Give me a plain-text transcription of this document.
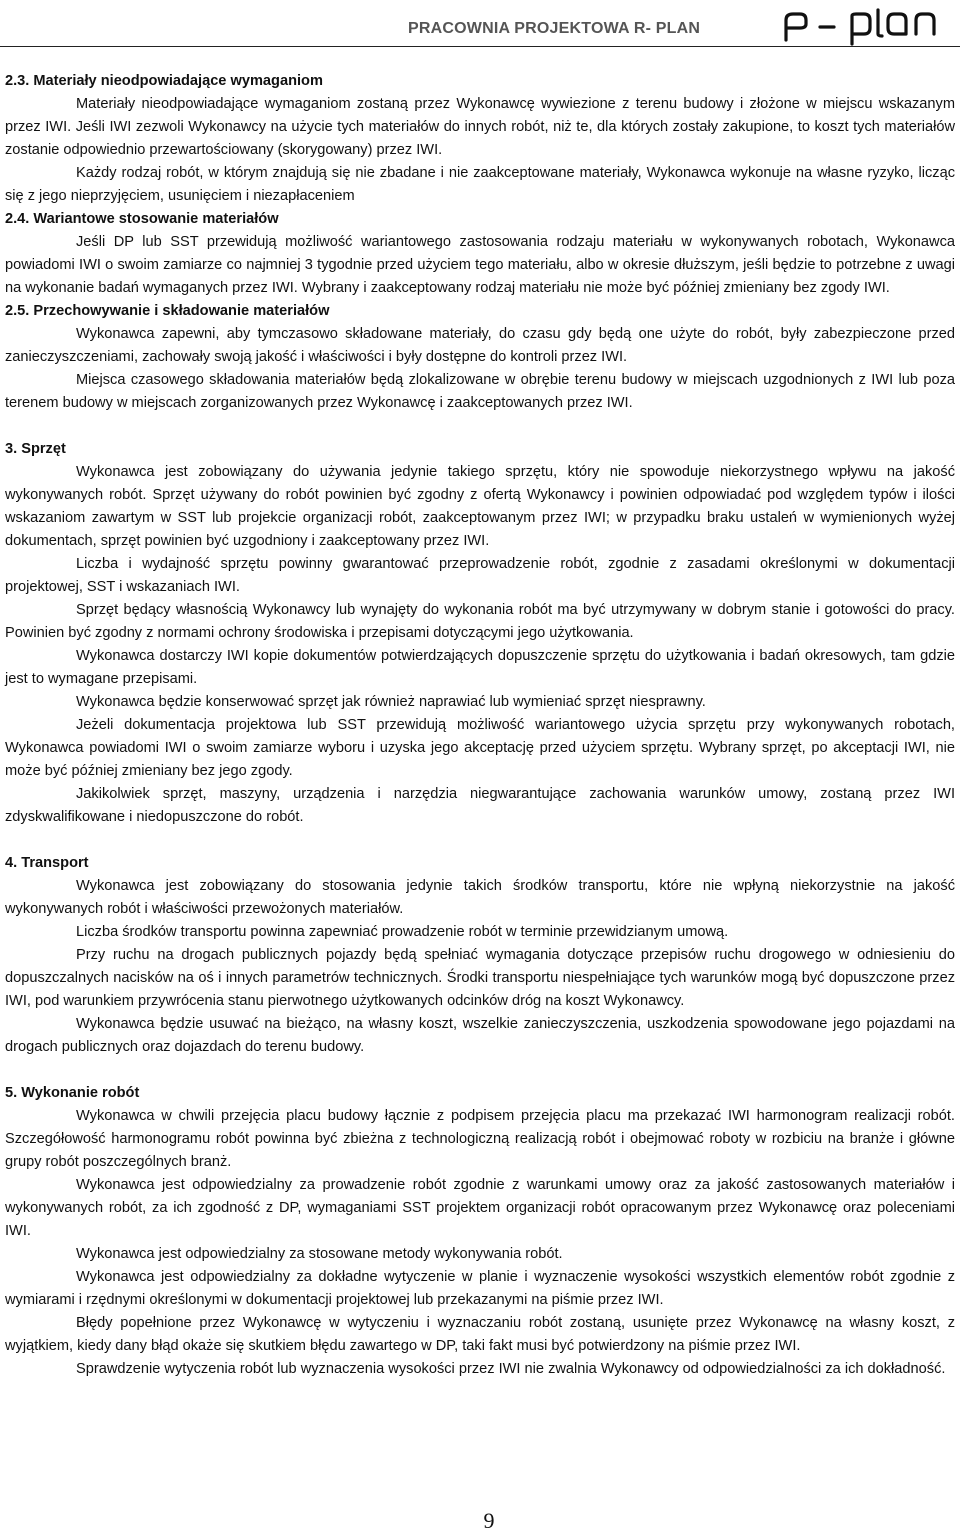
PRACOWNIA PROJEKTOWA R- PLAN
2.3. Materiały nieodpowiadające wymaganiom

Materiały nieodpowiadające wymaganiom zostaną przez Wykonawcę wywiezione z terenu budowy i złożone w miejscu wskazanym przez IWI. Jeśli IWI zezwoli Wykonawcy na użycie tych materiałów do innych robót, niż te, dla których zostały zakupione, to koszt tych materiałów zostanie odpowiednio przewartościowany (skorygowany) przez IWI.

Każdy rodzaj robót, w którym znajdują się nie zbadane i nie zaakceptowane materiały, Wykonawca wykonuje na własne ryzyko, licząc się z jego nieprzyjęciem, usunięciem i niezapłaceniem

2.4. Wariantowe stosowanie materiałów

Jeśli DP lub SST przewidują możliwość wariantowego zastosowania rodzaju materiału w wykonywanych robotach, Wykonawca powiadomi IWI o swoim zamiarze co najmniej 3 tygodnie przed użyciem tego materiału, albo w okresie dłuższym, jeśli będzie to potrzebne z uwagi na wykonanie badań wymaganych przez IWI. Wybrany i zaakceptowany rodzaj materiału nie może być później zmieniany bez zgody IWI.

2.5. Przechowywanie i składowanie materiałów

Wykonawca zapewni, aby tymczasowo składowane materiały, do czasu gdy będą one użyte do robót, były zabezpieczone przed zanieczyszczeniami, zachowały swoją jakość i właściwości i były dostępne do kontroli przez IWI.

Miejsca czasowego składowania materiałów będą zlokalizowane w obrębie terenu budowy w miejscach uzgodnionych z IWI lub poza terenem budowy w miejscach zorganizowanych przez Wykonawcę i zaakceptowanych przez IWI.

3. Sprzęt

Wykonawca jest zobowiązany do używania jedynie takiego sprzętu, który nie spowoduje niekorzystnego wpływu na jakość wykonywanych robót. Sprzęt używany do robót powinien być zgodny z ofertą Wykonawcy i powinien odpowiadać pod względem typów i ilości wskazaniom zawartym w SST lub projekcie organizacji robót, zaakceptowanym przez IWI; w przypadku braku ustaleń w wymienionych wyżej dokumentach, sprzęt powinien być uzgodniony i zaakceptowany przez IWI.

Liczba i wydajność sprzętu powinny gwarantować przeprowadzenie robót, zgodnie z zasadami określonymi w dokumentacji projektowej, SST i wskazaniach IWI.

Sprzęt będący własnością Wykonawcy lub wynajęty do wykonania robót ma być utrzymywany w dobrym stanie i gotowości do pracy. Powinien być zgodny z normami ochrony środowiska i przepisami dotyczącymi jego użytkowania.

Wykonawca dostarczy IWI kopie dokumentów potwierdzających dopuszczenie sprzętu do użytkowania i badań okresowych, tam gdzie jest to wymagane przepisami.

Wykonawca będzie konserwować sprzęt jak również naprawiać lub wymieniać sprzęt niesprawny.

Jeżeli dokumentacja projektowa lub SST przewidują możliwość wariantowego użycia sprzętu przy wykonywanych robotach, Wykonawca powiadomi IWI o swoim zamiarze wyboru i uzyska jego akceptację przed użyciem sprzętu. Wybrany sprzęt, po akceptacji IWI, nie może być później zmieniany bez jego zgody.

Jakikolwiek sprzęt, maszyny, urządzenia i narzędzia niegwarantujące zachowania warunków umowy, zostaną przez IWI zdyskwalifikowane i niedopuszczone do robót.

4. Transport

Wykonawca jest zobowiązany do stosowania jedynie takich środków transportu, które nie wpłyną niekorzystnie na jakość wykonywanych robót i właściwości przewożonych materiałów.

Liczba środków transportu powinna zapewniać prowadzenie robót w terminie przewidzianym umową.

Przy ruchu na drogach publicznych pojazdy będą spełniać wymagania dotyczące przepisów ruchu drogowego w odniesieniu do dopuszczalnych nacisków na oś i innych parametrów technicznych. Środki transportu niespełniające tych warunków mogą być dopuszczone przez IWI, pod warunkiem przywrócenia stanu pierwotnego użytkowanych odcinków dróg na koszt Wykonawcy.

Wykonawca będzie usuwać na bieżąco, na własny koszt, wszelkie zanieczyszczenia, uszkodzenia spowodowane jego pojazdami na drogach publicznych oraz dojazdach do terenu budowy.

5. Wykonanie robót

Wykonawca w chwili przejęcia placu budowy łącznie z podpisem przejęcia placu ma przekazać IWI harmonogram realizacji robót. Szczegółowość harmonogramu robót powinna być zbieżna z technologiczną realizacją robót i obejmować roboty w rozbiciu na branże i główne grupy robót poszczególnych branż.

Wykonawca jest odpowiedzialny za prowadzenie robót zgodnie z warunkami umowy oraz za jakość zastosowanych materiałów i wykonywanych robót, za ich zgodność z DP, wymaganiami SST projektem organizacji robót opracowanym przez Wykonawcę oraz poleceniami IWI.

Wykonawca jest odpowiedzialny za stosowane metody wykonywania robót.

Wykonawca jest odpowiedzialny za dokładne wytyczenie w planie i wyznaczenie wysokości wszystkich elementów robót zgodnie z wymiarami i rzędnymi określonymi w dokumentacji projektowej lub przekazanymi na piśmie przez IWI.

Błędy popełnione przez Wykonawcę w wytyczeniu i wyznaczaniu robót zostaną, usunięte przez Wykonawcę na własny koszt, z wyjątkiem, kiedy dany błąd okaże się skutkiem błędu zawartego w DP, taki fakt musi być potwierdzony na piśmie przez IWI.

Sprawdzenie wytyczenia robót lub wyznaczenia wysokości przez IWI nie zwalnia Wykonawcy od odpowiedzialności za ich dokładność.

9
